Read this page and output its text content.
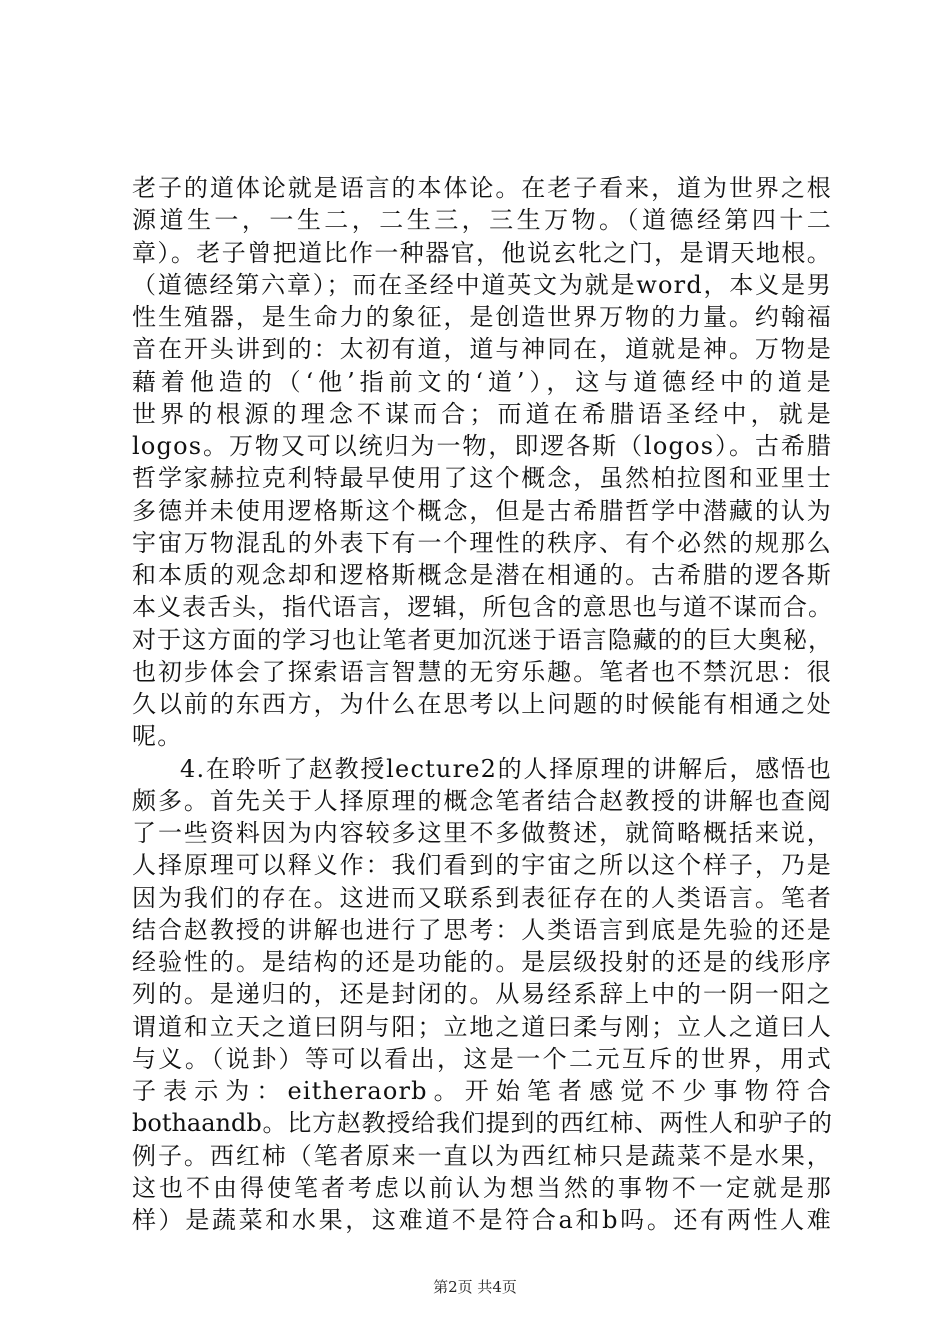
老子的道体论就是语言的本体论。在老子看来，道为世界之根
源道生一，一生二，二生三，三生万物。（道德经第四十二
章）。老子曾把道比作一种器官，他说玄牝之门，是谓天地根。
（道德经第六章）；而在圣经中道英文为就是word，本义是男
性生殖器，是生命力的象征，是创造世界万物的力量。约翰福
音在开头讲到的：太初有道，道与神同在，道就是神。万物是
藉着他造的（‘他’指前文的‘道’），这与道德经中的道是
世界的根源的理念不谋而合；而道在希腊语圣经中，就是
logos。万物又可以统归为一物，即逻各斯（logos）。古希腊
哲学家赫拉克利特最早使用了这个概念，虽然柏拉图和亚里士
多德并未使用逻格斯这个概念，但是古希腊哲学中潜藏的认为
宇宙万物混乱的外表下有一个理性的秩序、有个必然的规那么
和本质的观念却和逻格斯概念是潜在相通的。古希腊的逻各斯
本义表舌头，指代语言，逻辑，所包含的意思也与道不谋而合。
对于这方面的学习也让笔者更加沉迷于语言隐藏的的巨大奥秘，
也初步体会了探索语言智慧的无穷乐趣。笔者也不禁沉思：很
久以前的东西方，为什么在思考以上问题的时候能有相通之处
呢。
4.在聆听了赵教授lecture2的人择原理的讲解后，感悟也
颇多。首先关于人择原理的概念笔者结合赵教授的讲解也查阅
了一些资料因为内容较多这里不多做赘述，就简略概括来说，
人择原理可以释义作：我们看到的宇宙之所以这个样子，乃是
因为我们的存在。这进而又联系到表征存在的人类语言。笔者
结合赵教授的讲解也进行了思考：人类语言到底是先验的还是
经验性的。是结构的还是功能的。是层级投射的还是的线形序
列的。是递归的，还是封闭的。从易经系辞上中的一阴一阳之
谓道和立天之道曰阴与阳；立地之道曰柔与刚；立人之道曰人
与义。（说卦）等可以看出，这是一个二元互斥的世界，用式
子表示为：eitheraorb。开始笔者感觉不少事物符合
bothaandb。比方赵教授给我们提到的西红柿、两性人和驴子的
例子。西红柿（笔者原来一直以为西红柿只是蔬菜不是水果，
这也不由得使笔者考虑以前认为想当然的事物不一定就是那
样）是蔬菜和水果，这难道不是符合a和b吗。还有两性人难
第2页 共4页
